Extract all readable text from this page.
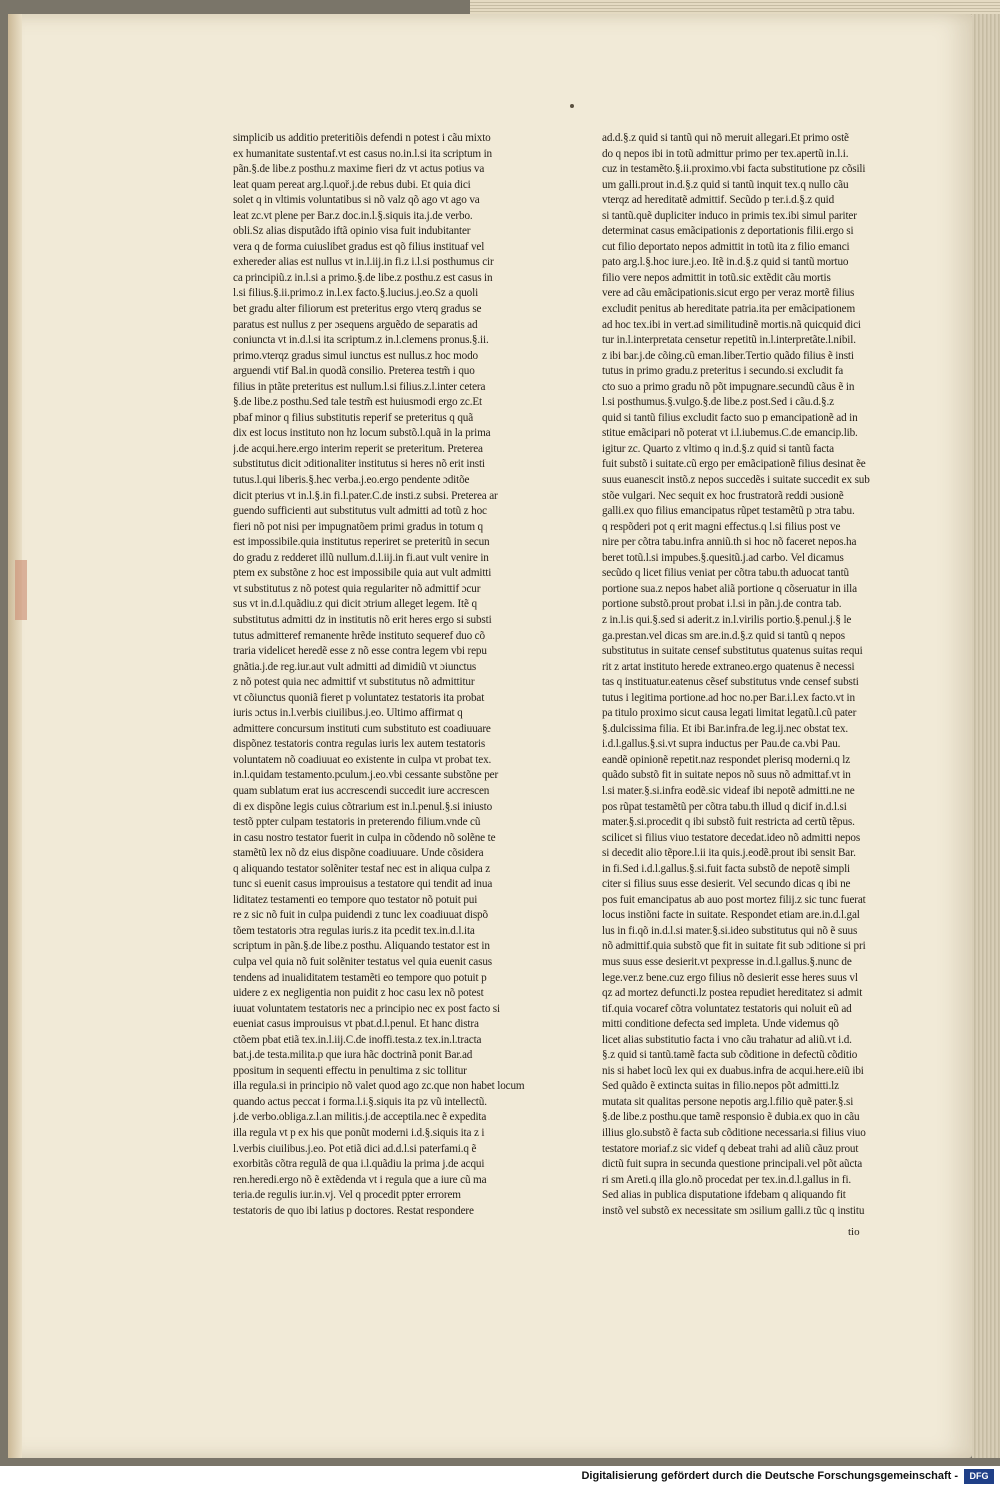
simplicib us additio preteritiõis defendi n potest i cãu mixto

ex humanitate sustentaf.vt est casus no.in.l.si ita scriptum in

pãn.§.de libe.z posthu.z maxime fieri dz vt actus potius va

leat quam pereat arg.l.quoř.j.de rebus dubi. Et quia dici

solet q in vltimis voluntatibus si nõ valz qõ ago vt ago va

leat zc.vt plene per Bar.z doc.in.l.§.siquis ita.j.de verbo.

obli.Sz alias disputãdo iftã opinio visa fuit indubitanter

vera q de forma cuiuslibet gradus est qõ filius instituaf vel

exhereder alias est nullus vt in.l.iij.in fi.z i.l.si posthumus cir

ca principiũ.z in.l.si a primo.§.de libe.z posthu.z est casus in

l.si filius.§.ii.primo.z in.l.ex facto.§.lucius.j.eo.Sz a quoli

bet gradu alter filiorum est preteritus ergo vterq gradus se

paratus est nullus z per ɔsequens arguẽdo de separatis ad

coniuncta vt in.d.l.si ita scriptum.z in.l.clemens pronus.§.ii.

primo.vterqz gradus simul iunctus est nullus.z hoc modo

arguendi vtif Bal.in quodã consilio. Preterea testm̃ i quo

filius in ptãte preteritus est nullum.l.si filius.z.l.inter cetera

§.de libe.z posthu.Sed tale testm̃ est huiusmodi ergo zc.Et

pbaf minor q filius substitutis reperif se preteritus q quã

dix est locus instituto non hz locum substõ.l.quã in la prima

j.de acqui.here.ergo interim reperit se preteritum. Preterea

substitutus dicit ɔditionaliter institutus si heres nõ erit insti

tutus.l.qui liberis.§.hec verba.j.eo.ergo pendente ɔditõe

dicit pterius vt in.l.§.in fi.l.pater.C.de insti.z subsi. Preterea ar

guendo sufficienti aut substitutus vult admitti ad totũ z hoc

fieri nõ pot nisi per impugnatõem primi gradus in totum q

est impossibile.quia institutus reperiret se preteritũ in secun

do gradu z redderet illũ nullum.d.l.iij.in fi.aut vult venire in

ptem ex substõne z hoc est impossibile quia aut vult admitti

vt substitutus z nõ potest quia regulariter nõ admittif ɔcur

sus vt in.d.l.quãdiu.z qui dicit ɔtrium alleget legem. Itẽ q

substitutus admitti dz in institutis nõ erit heres ergo si substi

tutus admitteref remanente hrẽde instituto sequeref duo cõ

traria videlicet heredẽ esse z nõ esse contra legem vbi repu

gnãtia.j.de reg.iur.aut vult admitti ad dimidiũ vt ɔiunctus

z nõ potest quia nec admittif vt substitutus nõ admittitur

vt cõiunctus quoniã fieret p voluntatez testatoris ita probat

iuris ɔctus in.l.verbis ciuilibus.j.eo. Ultimo affirmat q

admittere concursum instituti cum substituto est coadiuuare

dispõnez testatoris contra regulas iuris lex autem testatoris

voluntatem nõ coadiuuat eo existente in culpa vt probat tex.

in.l.quidam testamento.pculum.j.eo.vbi cessante substõne per

quam sublatum erat ius accrescendi succedit iure accrescen

di ex dispõne legis cuius cõtrarium est in.l.penul.§.si iniusto

testõ ppter culpam testatoris in preterendo filium.vnde cũ

in casu nostro testator fuerit in culpa in cõdendo nõ solẽne te

stamẽtũ lex nõ dz eius dispõne coadiuuare. Unde cõsidera

q aliquando testator solẽniter testaf nec est in aliqua culpa z

tunc si euenit casus improuisus a testatore qui tendit ad inua

liditatez testamenti eo tempore quo testator nõ potuit pui

re z sic nõ fuit in culpa puidendi z tunc lex coadiuuat dispõ

tõem testatoris ɔtra regulas iuris.z ita pcedit tex.in.d.l.ita

scriptum in pãn.§.de libe.z posthu. Aliquando testator est in

culpa vel quia nõ fuit solẽniter testatus vel quia euenit casus

tendens ad inualiditatem testamẽti eo tempore quo potuit p

uidere z ex negligentia non puidit z hoc casu lex nõ potest

iuuat voluntatem testatoris nec a principio nec ex post facto si

eueniat casus improuisus vt pbat.d.l.penul. Et hanc distra

ctõem pbat etiã tex.in.l.iij.C.de inoffi.testa.z tex.in.l.tracta

bat.j.de testa.milita.p que iura hãc doctrinã ponit Bar.ad

ppositum in sequenti effectu in penultima z sic tollitur

illa regula.si in principio nõ valet quod ago zc.que non habet locum

quando actus peccat i forma.l.i.§.siquis ita pz vũ intellectũ.

j.de verbo.obliga.z.l.an militis.j.de acceptila.nec ẽ expedita

illa regula vt p ex his que ponũt moderni i.d.§.siquis ita z i

l.verbis ciuilibus.j.eo. Pot etiã dici ad.d.l.si paterfami.q ẽ

exorbitãs cõtra regulã de qua i.l.quãdiu la prima j.de acqui

ren.heredi.ergo nõ ẽ extẽdenda vt i regula que a iure cũ ma

teria.de regulis iur.in.vj. Vel q procedit ppter errorem

testatoris de quo ibi latius p doctores. Restat respondere

ad.d.§.z quid si tantũ qui nõ meruit allegari.Et primo ostẽ

do q nepos ibi in totũ admittur primo per tex.apertũ in.l.i.

cuz in testamẽto.§.ii.proximo.vbi facta substitutione pz cõsili

um galli.prout in.d.§.z quid si tantũ inquit tex.q nullo cãu

vterqz ad hereditatẽ admittif. Secũdo p ter.i.d.§.z quid

si tantũ.quẽ dupliciter induco in primis tex.ibi simul pariter

determinat casus emãcipationis z deportationis filii.ergo si

cut filio deportato nepos admittit in totũ ita z filio emanci

pato arg.l.§.hoc iure.j.eo. Itẽ in.d.§.z quid si tantũ mortuo

filio vere nepos admittit in totũ.sic extẽdit cãu mortis

vere ad cãu emãcipationis.sicut ergo per veraz mortẽ filius

excludit penitus ab hereditate patria.ita per emãcipationem

ad hoc tex.ibi in vert.ad similitudinẽ mortis.nã quicquid dici

tur in.l.interpretata censetur repetitũ in.l.interpretãte.l.nibil.

z ibi bar.j.de cõing.cũ eman.liber.Tertio quãdo filius ẽ insti

tutus in primo gradu.z preteritus i secundo.si excludit fa

cto suo a primo gradu nõ põt impugnare.secundũ cãus ẽ in

l.si posthumus.§.vulgo.§.de libe.z post.Sed i cãu.d.§.z

quid si tantũ filius excludit facto suo p emancipationẽ ad in

stitue emãcipari nõ poterat vt i.l.iubemus.C.de emancip.lib.

igitur zc. Quarto z vltimo q in.d.§.z quid si tantũ facta

fuit substõ i suitate.cũ ergo per emãcipationẽ filius desinat ẽe

suus euanescit instõ.z nepos succedẽs i suitate succedit ex sub

stõe vulgari. Nec sequit ex hoc frustratorã reddi ɔusionẽ

galli.ex quo filius emancipatus rũpet testamẽtũ p ɔtra tabu.

q respõderi pot q erit magni effectus.q l.si filius post ve

nire per cõtra tabu.infra anniũ.th si hoc nõ faceret nepos.ha

beret totũ.l.si impubes.§.quesitũ.j.ad carbo. Vel dicamus

secũdo q licet filius veniat per cõtra tabu.th aduocat tantũ

portione sua.z nepos habet aliã portione q cõseruatur in illa

portione substõ.prout probat i.l.si in pãn.j.de contra tab.

z in.l.is qui.§.sed si aderit.z in.l.virilis portio.§.penul.j.§ le

ga.prestan.vel dicas sm are.in.d.§.z quid si tantũ q nepos

substitutus in suitate censef substitutus quatenus suitas requi

rit z artat instituto herede extraneo.ergo quatenus ẽ necessi

tas q instituatur.eatenus cẽsef substitutus vnde censef substi

tutus i legitima portione.ad hoc no.per Bar.i.l.ex facto.vt in

pa titulo proximo sicut causa legati limitat legatũ.l.cũ pater

§.dulcissima filia. Et ibi Bar.infra.de leg.ij.nec obstat tex.

i.d.l.gallus.§.si.vt supra inductus per Pau.de ca.vbi Pau.

eandẽ opinionẽ repetit.naz respondet plerisq moderni.q lz

quãdo substõ fit in suitate nepos nõ suus nõ admittaf.vt in

l.si mater.§.si.infra eodẽ.sic videaf ibi nepotẽ admitti.ne ne

pos rũpat testamẽtũ per cõtra tabu.th illud q dicif in.d.l.si

mater.§.si.procedit q ibi substõ fuit restricta ad certũ tẽpus.

scilicet si filius viuo testatore decedat.ideo nõ admitti nepos

si decedit alio tẽpore.l.ii ita quis.j.eodẽ.prout ibi sensit Bar.

in fi.Sed i.d.l.gallus.§.si.fuit facta substõ de nepotẽ simpli

citer si filius suus esse desierit. Vel secundo dicas q ibi ne

pos fuit emancipatus ab auo post mortez filij.z sic tunc fuerat

locus instiõni facte in suitate. Respondet etiam are.in.d.l.gal

lus in fi.qõ in.d.l.si mater.§.si.ideo substitutus qui nõ ẽ suus

nõ admittif.quia substõ que fit in suitate fit sub ɔditione si pri

mus suus esse desierit.vt pexpresse in.d.l.gallus.§.nunc de

lege.ver.z bene.cuz ergo filius nõ desierit esse heres suus vl

qz ad mortez defuncti.lz postea repudiet hereditatez si admit

tif.quia vocaref cõtra voluntatez testatoris qui noluit eũ ad

mitti conditione defecta sed impleta. Unde videmus qõ

licet alias substitutio facta i vno cãu trahatur ad aliũ.vt i.d.

§.z quid si tantũ.tamẽ facta sub cõditione in defectũ cõditio

nis si habet locũ lex qui ex duabus.infra de acqui.here.eiũ ibi

Sed quãdo ẽ extincta suitas in filio.nepos põt admitti.lz

mutata sit qualitas persone nepotis arg.l.filio quẽ pater.§.si

§.de libe.z posthu.que tamẽ responsio ẽ dubia.ex quo in cãu

illius glo.substõ ẽ facta sub cõditione necessaria.si filius viuo

testatore moriaf.z sic videf q debeat trahi ad aliũ cãuz prout

dictũ fuit supra in secunda questione principali.vel põt aũcta

ri sm Areti.q illa glo.nõ procedat per tex.in.d.l.gallus in fi.

Sed alias in publica disputatione ifdebam q aliquando fit

instõ vel substõ ex necessitate sm ɔsilium galli.z tũc q institu

tio
Digitalisierung gefördert durch die Deutsche Forschungsgemeinschaft -	DFG
